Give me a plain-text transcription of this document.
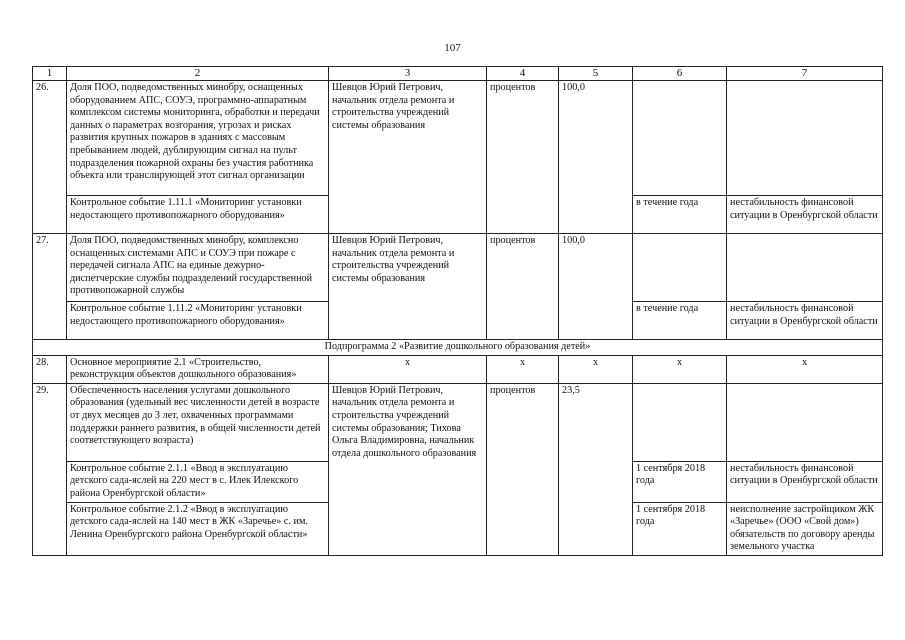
107
1	2	3	4	5	6	7
26.	Доля ПОО, подведомственных минобру, оснащенных оборудованием АПС, СОУЭ, программно-аппаратным комплексом системы мониторинга, обработки и передачи данных о параметрах возгорания, угрозах и рисках развития крупных пожаров в зданиях с массовым пребыванием людей, дублирующим сигнал на пульт подразделения пожарной охраны без участия работника объекта или транслирующей этот сигнал организации	Шевцов Юрий Петрович, начальник отдела ремонта и строительства учреждений системы образования	процентов	100,0		
	Контрольное событие 1.11.1 «Мониторинг установки недостающего противопожарного оборудования»				в течение года	нестабильность финансовой ситуации в Оренбургской области
27.	Доля ПОО, подведомственных минобру, комплексно оснащенных системами АПС и СОУЭ при пожаре с передачей сигнала АПС на единые дежурно-диспетчерские службы подразделений государственной противопожарной службы	Шевцов Юрий Петрович, начальник отдела ремонта и строительства учреждений системы образования	процентов	100,0		
	Контрольное событие 1.11.2 «Мониторинг установки недостающего противопожарного оборудования»				в течение года	нестабильность финансовой ситуации в Оренбургской области
Подпрограмма 2 «Развитие дошкольного образования детей»						
28.	Основное мероприятие 2.1 «Строительство, реконструкция объектов дошкольного образования»	х	х	х	х	х
29.	Обеспеченность населения услугами дошкольного образования (удельный вес численности детей в возрасте от двух месяцев до 3 лет, охваченных программами поддержки раннего развития, в общей численности детей соответствующего возраста)	Шевцов Юрий Петрович, начальник отдела ремонта и строительства учреждений системы образования; Тихова Ольга Владимировна, начальник отдела дошкольного образования	процентов	23,5		
	Контрольное событие 2.1.1 «Ввод в эксплуатацию детского сада-яслей на 220 мест в с. Илек Илекского района Оренбургской области»				1 сентября 2018 года	нестабильность финансовой ситуации в Оренбургской области
	Контрольное событие 2.1.2 «Ввод в эксплуатацию детского сада-яслей на 140 мест в ЖК «Заречье» с. им. Ленина Оренбургского района Оренбургской области»				1 сентября 2018 года	неисполнение застройщиком ЖК «Заречье» (ООО «Свой дом») обязательств по договору аренды земельного участка
